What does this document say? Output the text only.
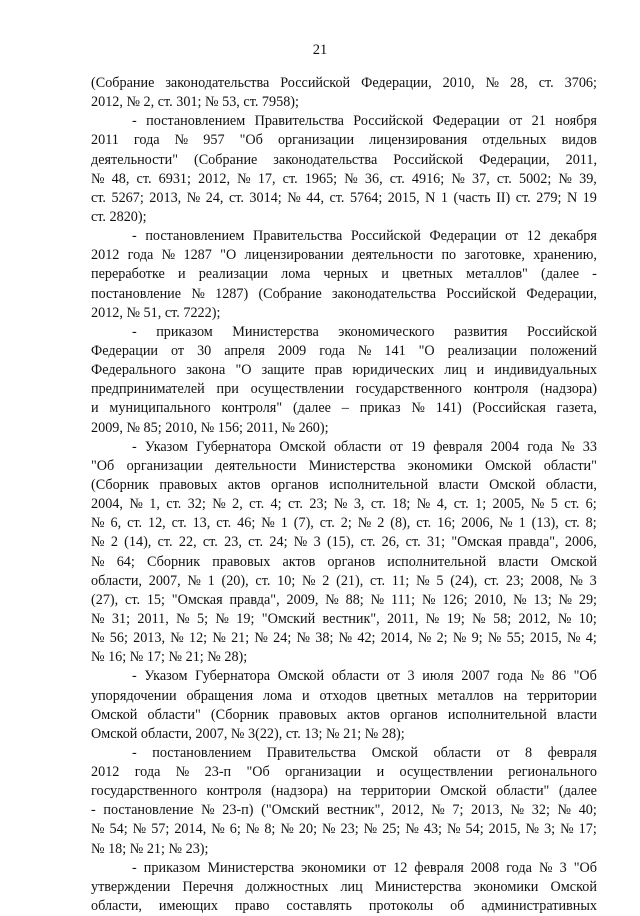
21
(Собрание законодательства Российской Федерации, 2010, № 28, ст. 3706;
2012, № 2, ст. 301; № 53, ст. 7958);
- постановлением Правительства Российской Федерации от 21 ноября
2011 года № 957 "Об организации лицензирования отдельных видов
деятельности" (Собрание законодательства Российской Федерации, 2011,
№ 48, ст. 6931; 2012, № 17, ст. 1965; № 36, ст. 4916; № 37, ст. 5002; № 39,
ст. 5267; 2013, № 24, ст. 3014; № 44, ст. 5764; 2015, N 1 (часть II) ст. 279; N 19
ст. 2820);
- постановлением Правительства Российской Федерации от 12 декабря
2012 года № 1287 "О лицензировании деятельности по заготовке, хранению,
переработке и реализации лома черных и цветных металлов" (далее -
постановление № 1287) (Собрание законодательства Российской Федерации,
2012, № 51, ст. 7222);
- приказом Министерства экономического развития Российской
Федерации от 30 апреля 2009 года № 141 "О реализации положений
Федерального закона "О защите прав юридических лиц и индивидуальных
предпринимателей при осуществлении государственного контроля (надзора)
и муниципального контроля" (далее – приказ № 141) (Российская газета,
2009, № 85; 2010, № 156; 2011, № 260);
- Указом Губернатора Омской области от 19 февраля 2004 года № 33
"Об организации деятельности Министерства экономики Омской области"
(Сборник правовых актов органов исполнительной власти Омской области,
2004, № 1, ст. 32; № 2, ст. 4; ст. 23; № 3, ст. 18; № 4, ст. 1; 2005, № 5 ст. 6;
№ 6, ст. 12, ст. 13, ст. 46; № 1 (7), ст. 2; № 2 (8), ст. 16; 2006, № 1 (13), ст. 8;
№ 2 (14), ст. 22, ст. 23, ст. 24; № 3 (15), ст. 26, ст. 31; "Омская правда", 2006,
№ 64; Сборник правовых актов органов исполнительной власти Омской
области, 2007, № 1 (20), ст. 10; № 2 (21), ст. 11; № 5 (24), ст. 23; 2008, № 3
(27), ст. 15; "Омская правда", 2009, № 88; № 111; № 126; 2010, № 13; № 29;
№ 31; 2011, № 5; № 19; "Омский вестник", 2011, № 19; № 58; 2012, № 10;
№ 56; 2013, № 12; № 21; № 24; № 38; № 42; 2014, № 2; № 9; № 55; 2015, № 4;
№ 16; № 17; № 21; № 28);
- Указом Губернатора Омской области от 3 июля 2007 года № 86 "Об
упорядочении обращения лома и отходов цветных металлов на территории
Омской области" (Сборник правовых актов органов исполнительной власти
Омской области, 2007, № 3(22), ст. 13; № 21; № 28);
- постановлением Правительства Омской области от 8 февраля
2012 года № 23-п "Об организации и осуществлении регионального
государственного контроля (надзора) на территории Омской области" (далее
- постановление № 23-п) ("Омский вестник", 2012, № 7; 2013, № 32; № 40;
№ 54; № 57; 2014, № 6; № 8; № 20; № 23; № 25; № 43; № 54; 2015, № 3; № 17;
№ 18; № 21; № 23);
- приказом Министерства экономики от 12 февраля 2008 года № 3 "Об
утверждении Перечня должностных лиц Министерства экономики Омской
области, имеющих право составлять протоколы об административных
